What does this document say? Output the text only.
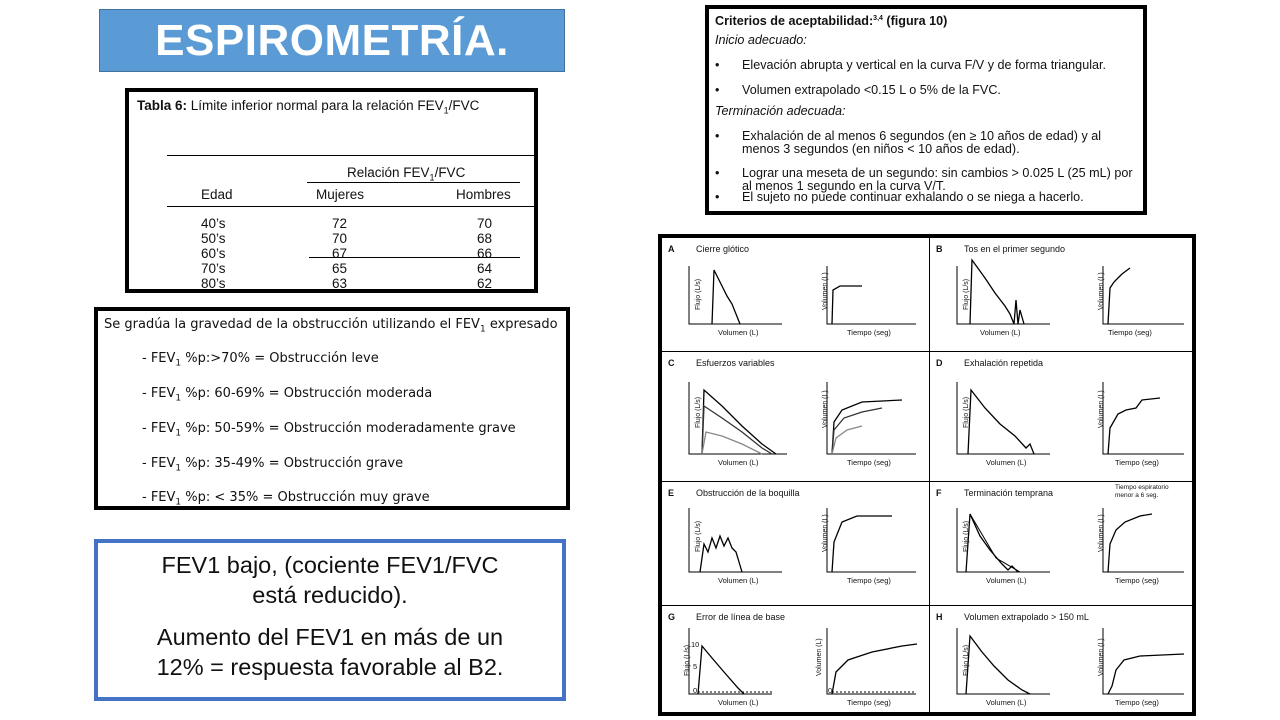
ESPIROMETRÍA.
Tabla 6: Límite inferior normal para la relación $FEV_1$/FVC
Relación $FEV_1$/FVC
Edad	Mujeres	Hombres
40’s	72	70
50’s	70	68
60’s	67	66
70’s	65	64
80’s	63	62
Se gradúa la gravedad de la obstrucción utilizando el $FEV_1$ expresado
- $FEV_1$ %p:>70% = Obstrucción leve
- $FEV_1$ %p: 60-69% = Obstrucción moderada
- $FEV_1$ %p: 50-59% = Obstrucción moderadamente grave
- $FEV_1$ %p: 35-49% = Obstrucción grave
- $FEV_1$ %p: < 35% = Obstrucción muy grave

FEV1 bajo, (cociente FEV1/FVC

está reducido).

Aumento del FEV1 en más de un

12% = respuesta favorable al B2.

Criterios de aceptabilidad:$^{3,4}$ (figura 10)
Inicio adecuado:
• Elevación abrupta y vertical en la curva F/V y de forma triangular.
• Volumen extrapolado <0.15 L o 5% de la FVC.
Terminación adecuada:
• Exhalación de al menos 6 segundos (en ≥ 10 años de edad) y al menos 3 segundos (en niños < 10 años de edad).
• Lograr una meseta de un segundo: sin cambios > 0.025 L (25 mL) por al menos 1 segundo en la curva V/T.
• El sujeto no puede continuar exhalando o se niega a hacerlo.
A Cierre glótico
Flujo (L/s)	Volumen (L)
Volumen (L)	Tiempo (seg)
B Tos en el primer segundo
Flujo (L/s)	Volumen (L)
Volumen (L)	Tiempo (seg)
C Esfuerzos variables
Flujo (L/s)	Volumen (L)
Volumen (L)	Tiempo (seg)
D Exhalación repetida
Flujo (L/s)	Volumen (L)
Volumen (L)	Tiempo (seg)
E Obstrucción de la boquilla
Flujo (L/s)	Volumen (L)
Volumen (L)	Tiempo (seg)
F	Terminación temprana
Tiempo espiratorio
menor a 6 seg.
Flujo (L/s)	Volumen (L)
Volumen (L)	Tiempo (seg)
G Error de línea de base
10
5
0	0
Flujo (L/s)	Volumen (L)
Volumen (L)	Tiempo (seg)
H Volumen extrapolado > 150 mL
Flujo (L/s)	Volumen (L)
Volumen (L)	Tiempo (seg)
